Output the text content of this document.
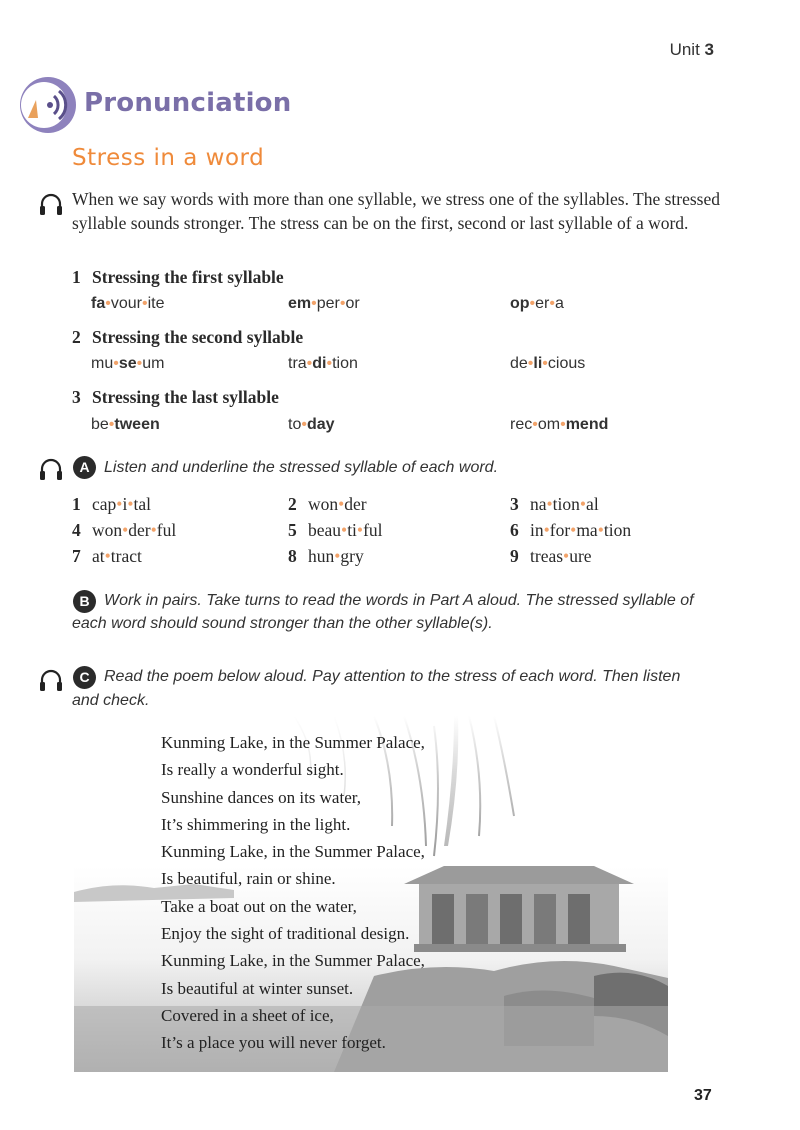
Unit 3
Pronunciation
Stress in a word
When we say words with more than one syllable, we stress one of the syllables. The stressed syllable sounds stronger. The stress can be on the first, second or last syllable of a word.
1 Stressing the first syllable
fa•vour•ite	em•per•or	op•er•a
2 Stressing the second syllable
mu•se•um	tra•di•tion	de•li•cious
3 Stressing the last syllable
be•tween	to•day	rec•om•mend
A Listen and underline the stressed syllable of each word.
1 cap•i•tal	2 won•der	3 na•tion•al
4 won•der•ful	5 beau•ti•ful	6 in•for•ma•tion
7 at•tract	8 hun•gry	9 treas•ure
B Work in pairs. Take turns to read the words in Part A aloud. The stressed syllable of
each word should sound stronger than the other syllable(s).
C Read the poem below aloud. Pay attention to the stress of each word. Then listen
and check.
Kunming Lake, in the Summer Palace,
Is really a wonderful sight.
Sunshine dances on its water,
It’s shimmering in the light.
Kunming Lake, in the Summer Palace,
Is beautiful, rain or shine.
Take a boat out on the water,
Enjoy the sight of traditional design.
Kunming Lake, in the Summer Palace,
Is beautiful at winter sunset.
Covered in a sheet of ice,
It’s a place you will never forget.
37
